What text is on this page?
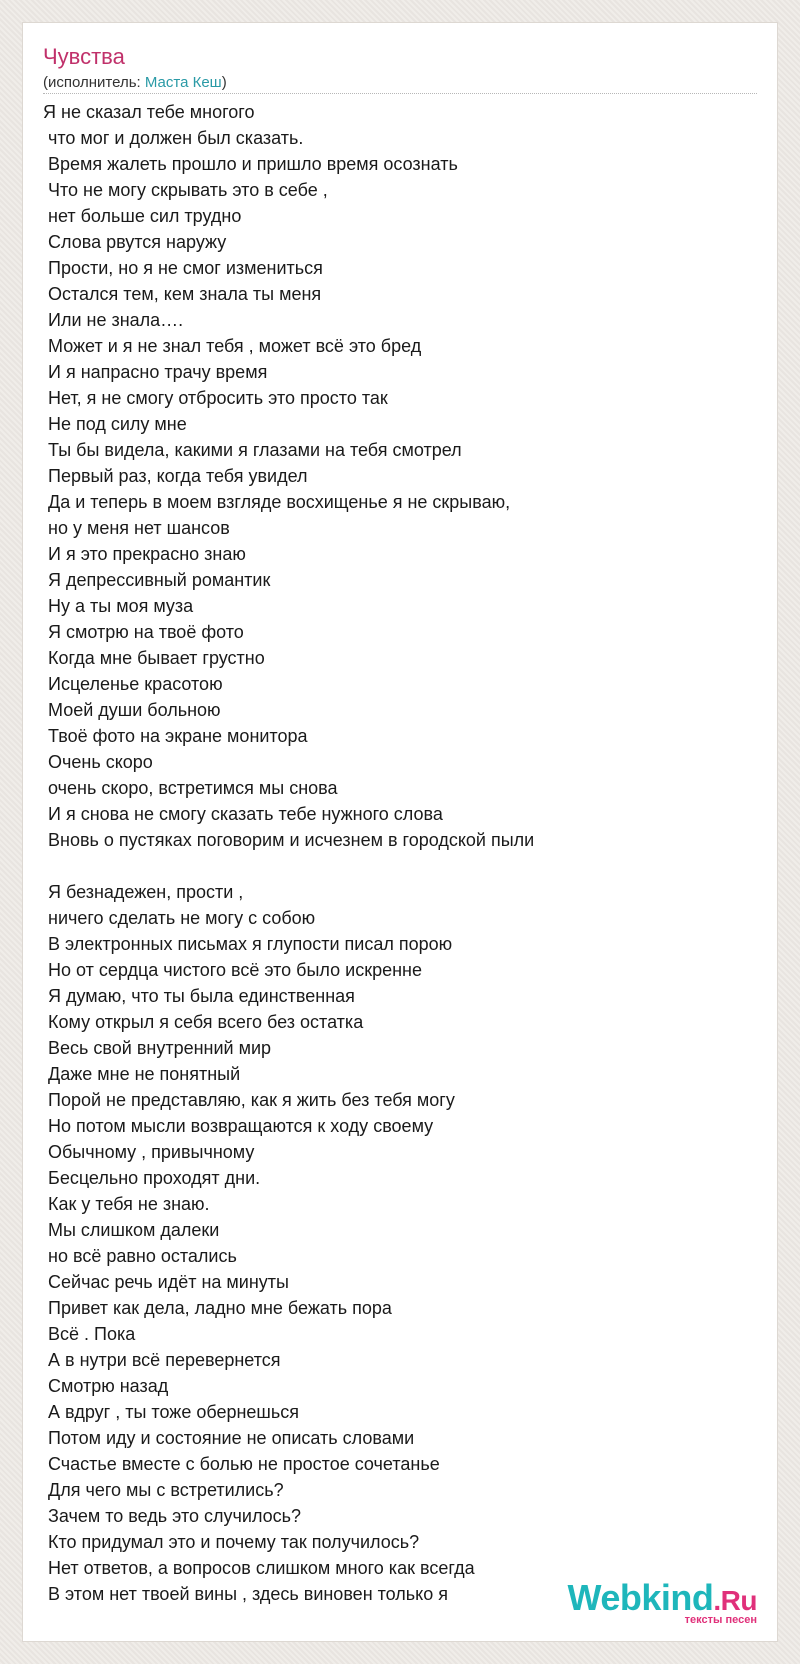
Чувства
(исполнитель: Маста Кеш)
Я не сказал тебе многого
что мог и должен был сказать.
Время жалеть прошло и пришло время осознать
Что не могу скрывать это в себе ,
нет больше сил трудно
Слова рвутся наружу
Прости, но я не смог измениться
Остался тем, кем знала ты меня
Или не знала….
Может и я не знал тебя , может всё это бред
И я напрасно трачу время
Нет, я не смогу отбросить это просто так
Не под силу мне
Ты бы видела, какими я глазами на тебя смотрел
Первый раз, когда тебя увидел
Да и теперь в моем взгляде восхищенье я не скрываю,
но у меня нет шансов
И я это прекрасно знаю
Я депрессивный романтик
Ну а ты моя муза
Я смотрю на твоё фото
Когда мне бывает грустно
Исцеленье красотою
Моей души больною
Твоё фото на экране монитора
Очень скоро
очень скоро, встретимся мы снова
И я снова не смогу сказать тебе нужного слова
Вновь о пустяках поговорим и исчезнем в городской пыли
Я безнадежен, прости ,
ничего сделать не могу с собою
В электронных письмах я глупости писал порою
Но от сердца чистого всё это было искренне
Я думаю, что ты была единственная
Кому открыл я себя всего без остатка
Весь свой внутренний мир
Даже мне не понятный
Порой не представляю, как я жить без тебя могу
Но потом мысли возвращаются к ходу своему
Обычному , привычному
Бесцельно проходят дни.
Как у тебя не знаю.
Мы слишком далеки
но всё равно остались
Сейчас речь идёт на минуты
Привет как дела, ладно мне бежать пора
Всё . Пока
А в нутри всё перевернется
Смотрю назад
А вдруг , ты тоже обернешься
Потом иду и состояние не описать словами
Счастье вместе с болью не простое сочетанье
Для чего мы с встретились?
Зачем то ведь это случилось?
Кто придумал это и почему так получилось?
Нет ответов, а вопросов слишком много как всегда
В этом нет твоей вины , здесь виновен только я	Webkind.Ru
тексты песен
